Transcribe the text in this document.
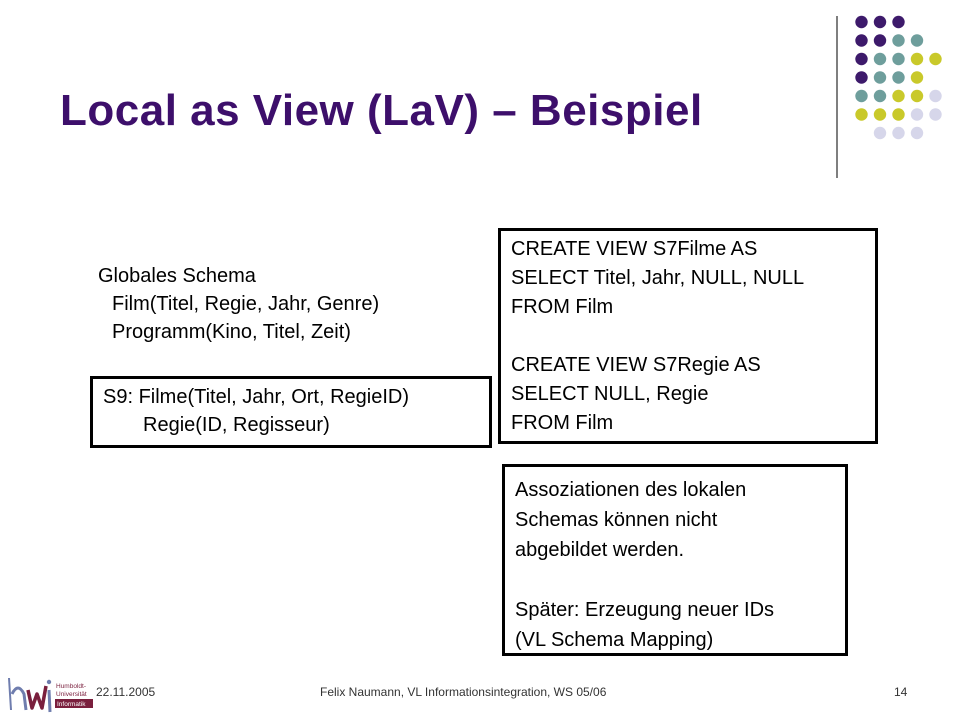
Local as View (LaV) – Beispiel
Globales Schema
Film(Titel, Regie, Jahr, Genre)
Programm(Kino, Titel, Zeit)
S9: Filme(Titel, Jahr, Ort, RegieID)
Regie(ID, Regisseur)
CREATE VIEW S7Filme AS
SELECT Titel, Jahr, NULL, NULL
FROM Film
CREATE VIEW S7Regie AS
SELECT NULL, Regie
FROM Film
Assoziationen des lokalen
Schemas können nicht
abgebildet werden.
Später: Erzeugung neuer IDs
(VL Schema Mapping)
Humboldt-
Universität
Informatik
22.11.2005	Felix Naumann, VL Informationsintegration, WS 05/06	14
